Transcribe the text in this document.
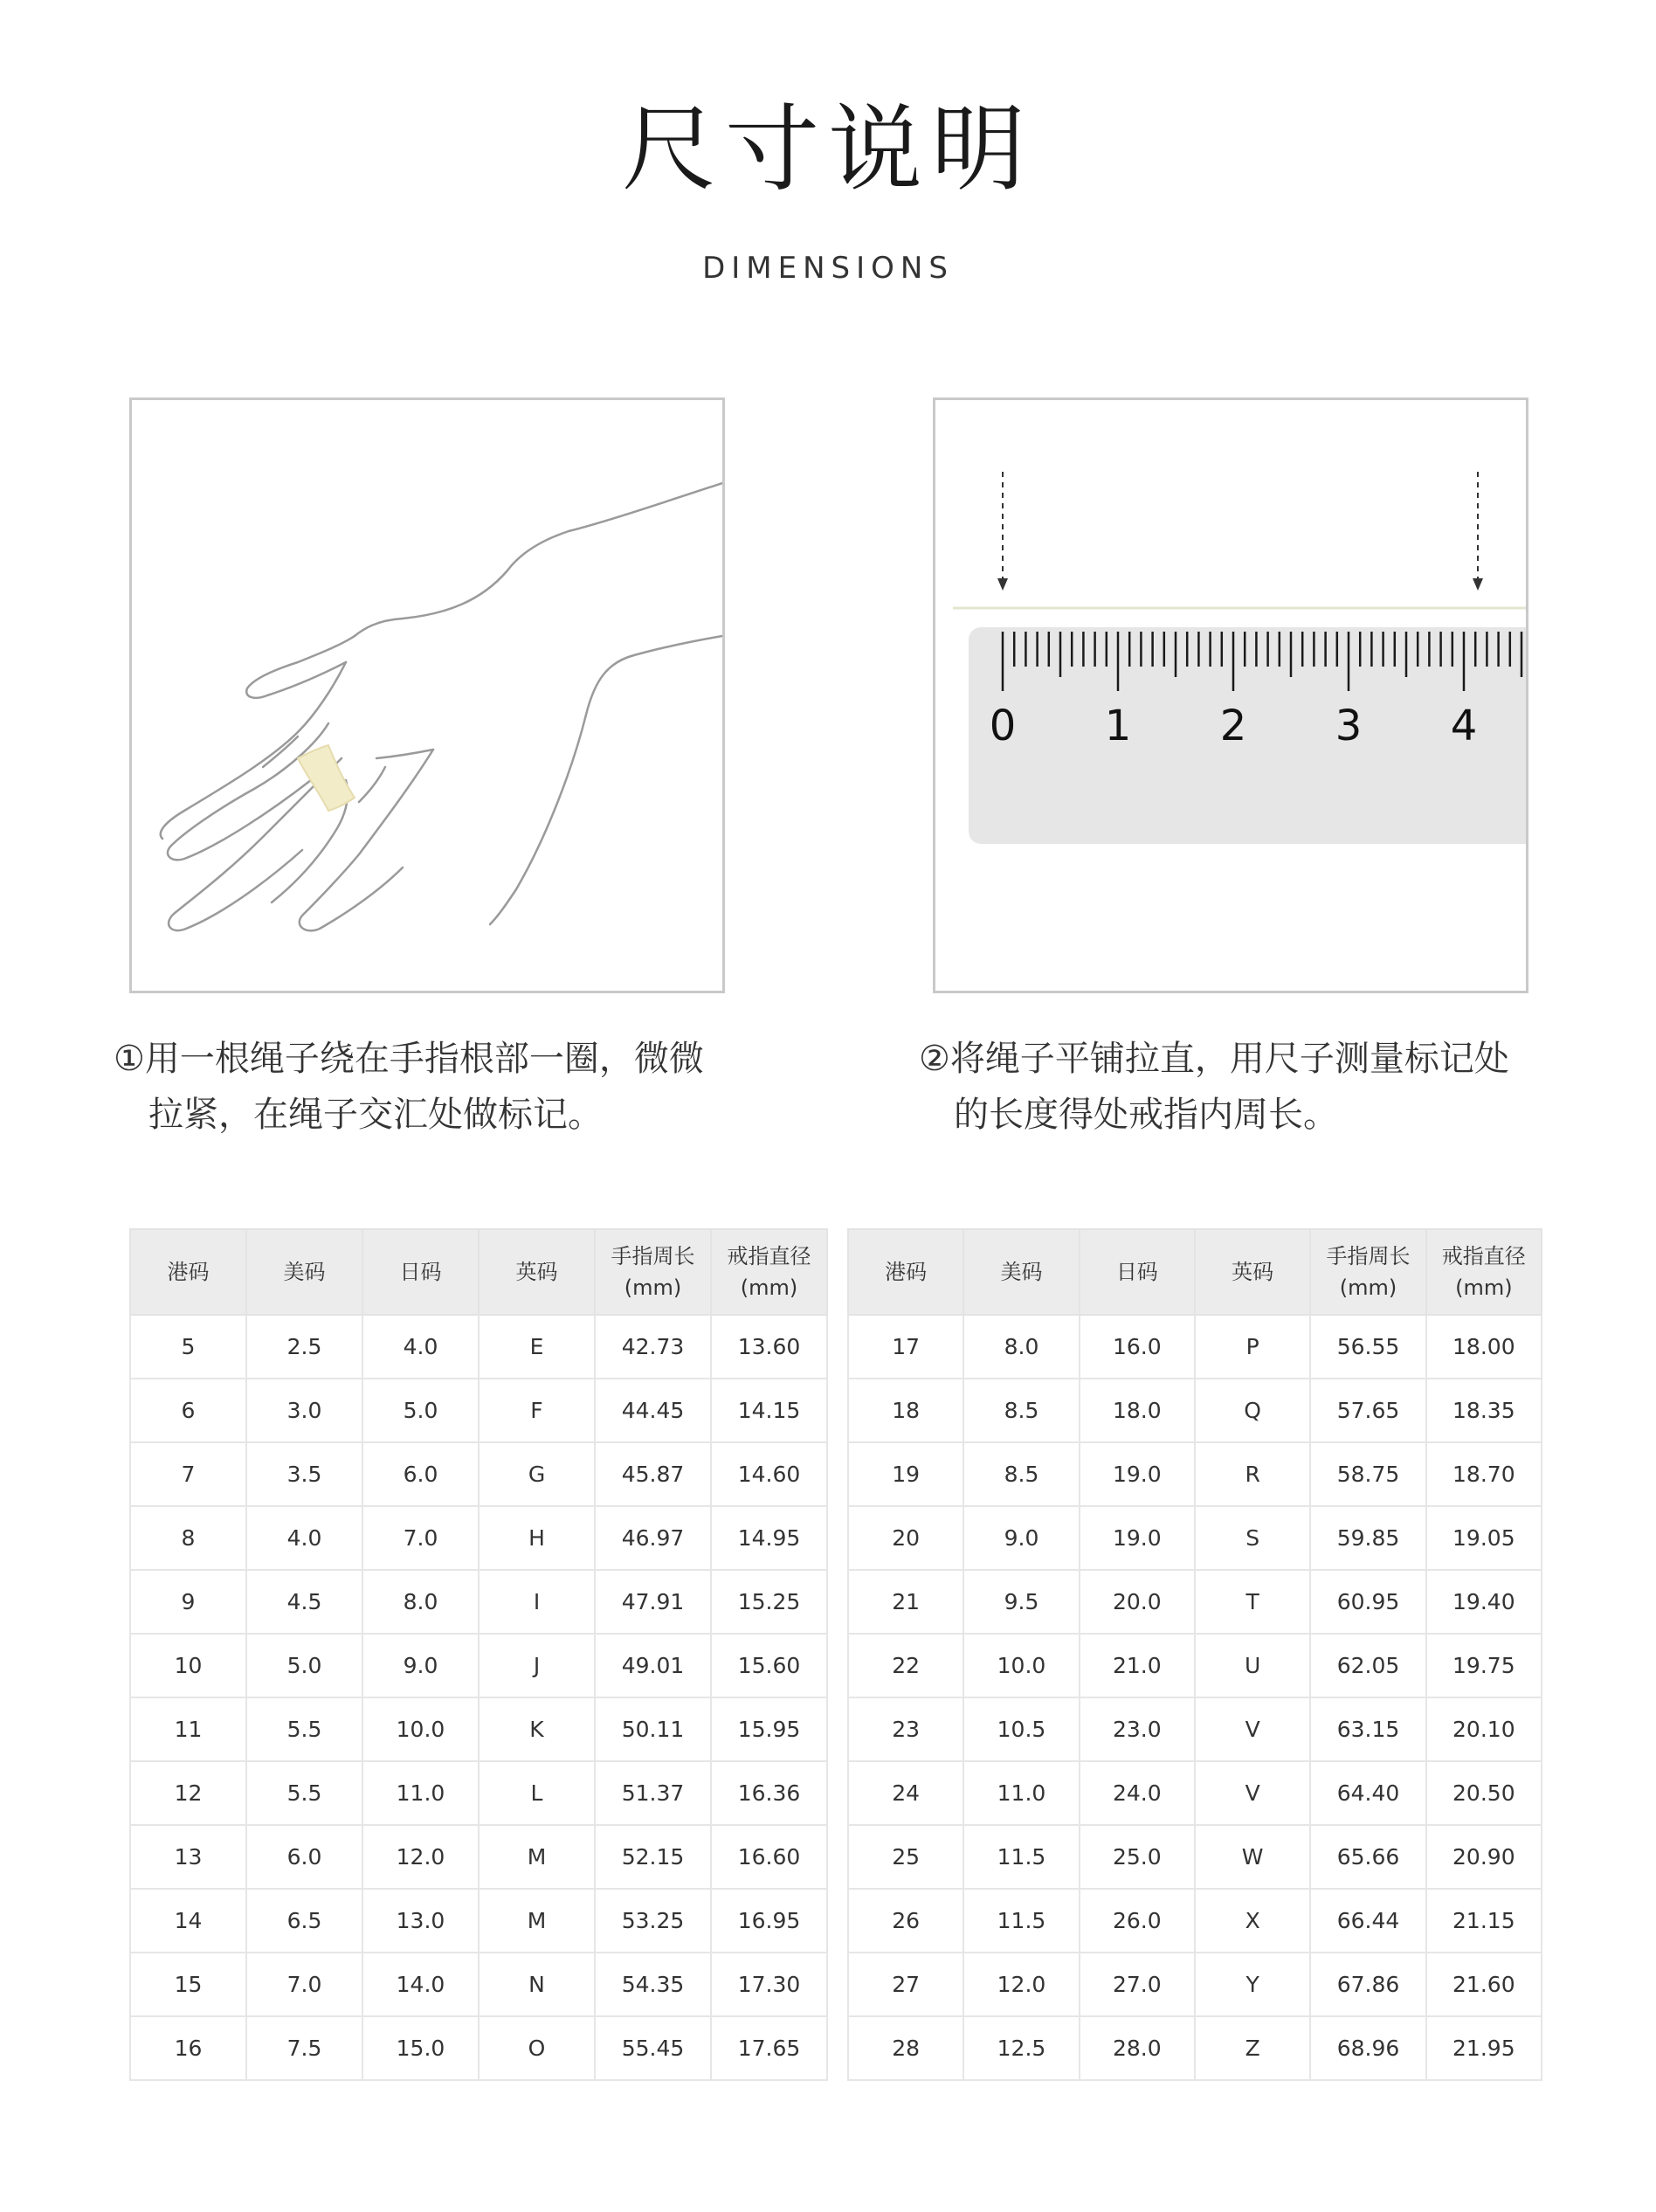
尺寸说明
DIMENSIONS
0 1 2 3 4
①用一根绳子绕在手指根部一圈，微微
拉紧，在绳子交汇处做标记。
②将绳子平铺拉直，用尺子测量标记处
的长度得处戒指内周长。
港码	美码	日码	英码	手指周长
(mm)	戒指直径
(mm)
5	2.5	4.0	E	42.73	13.60
6	3.0	5.0	F	44.45	14.15
7	3.5	6.0	G	45.87	14.60
8	4.0	7.0	H	46.97	14.95
9	4.5	8.0	I	47.91	15.25
10	5.0	9.0	J	49.01	15.60
11	5.5	10.0	K	50.11	15.95
12	5.5	11.0	L	51.37	16.36
13	6.0	12.0	M	52.15	16.60
14	6.5	13.0	M	53.25	16.95
15	7.0	14.0	N	54.35	17.30
16	7.5	15.0	O	55.45	17.65
港码	美码	日码	英码	手指周长
(mm)	戒指直径
(mm)
17	8.0	16.0	P	56.55	18.00
18	8.5	18.0	Q	57.65	18.35
19	8.5	19.0	R	58.75	18.70
20	9.0	19.0	S	59.85	19.05
21	9.5	20.0	T	60.95	19.40
22	10.0	21.0	U	62.05	19.75
23	10.5	23.0	V	63.15	20.10
24	11.0	24.0	V	64.40	20.50
25	11.5	25.0	W	65.66	20.90
26	11.5	26.0	X	66.44	21.15
27	12.0	27.0	Y	67.86	21.60
28	12.5	28.0	Z	68.96	21.95
